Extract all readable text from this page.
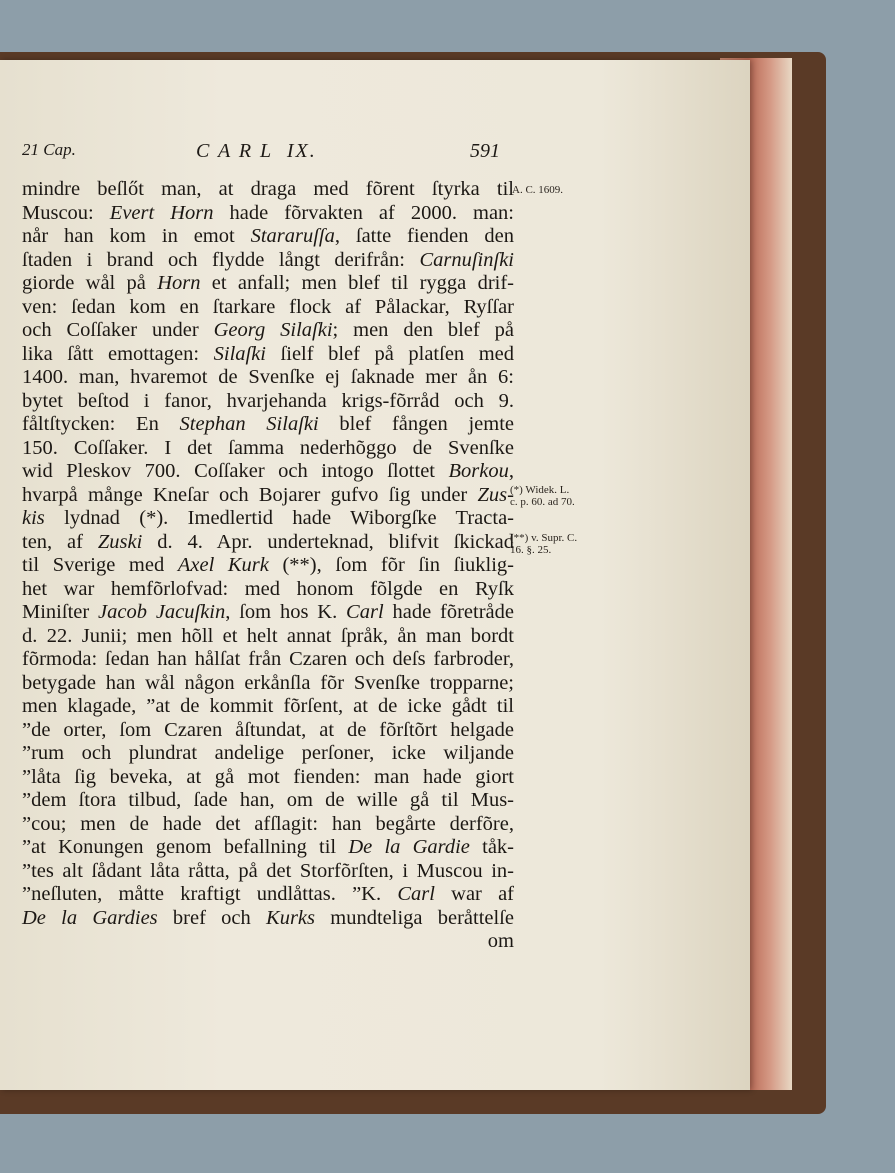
21 Cap.	C A R L  IX.	591
mindre beſlőt man, at draga med fõrent ſtyrka til
Muscou: Evert Horn hade fõrvakten af 2000. man:
når han kom in emot Stararuſſa, ſatte fienden den
ſtaden i brand och flydde långt derifrån: Carnuſinſki
giorde wål på Horn et anfall; men blef til rygga drif-
ven: ſedan kom en ſtarkare flock af Pålackar, Ryſſar
och Coſſaker under Georg Silaſki; men den blef på
lika ſått emottagen: Silaſki ſielf blef på platſen med
1400. man, hvaremot de Svenſke ej ſaknade mer ån 6:
bytet beſtod i fanor, hvarjehanda krigs-fõrråd och 9.
fåltſtycken: En Stephan Silaſki blef fången jemte
150. Coſſaker. I det ſamma nederhõggo de Svenſke
wid Pleskov 700. Coſſaker och intogo ſlottet Borkou,
hvarpå månge Kneſar och Bojarer gufvo ſig under Zus-
kis lydnad (*). Imedlertid hade Wiborgſke Tracta-
ten, af Zuski d. 4. Apr. underteknad, blifvit ſkickad
til Sverige med Axel Kurk (**), ſom fõr ſin ſiuklig-
het war hemfõrlofvad: med honom fõlgde en Ryſk
Miniſter Jacob Jacuſkin, ſom hos K. Carl hade fõretråde
d. 22. Junii; men hõll et helt annat ſpråk, ån man bordt
fõrmoda: ſedan han hålſat från Czaren och deſs farbroder,
betygade han wål någon erkånſla fõr Svenſke tropparne;
men klagade, ”at de kommit fõrſent, at de icke gådt til
”de orter, ſom Czaren åſtundat, at de fõrſtõrt helgade
”rum och plundrat andelige perſoner, icke wiljande
”låta ſig beveka, at gå mot fienden: man hade giort
”dem ſtora tilbud, ſade han, om de wille gå til Mus-
”cou; men de hade det afſlagit: han begårte derfõre,
”at Konungen genom befallning til De la Gardie tåk-
”tes alt ſådant låta råtta, på det Storfõrſten, i Muscou in-
”neſluten, måtte kraftigt undlåttas. ”K. Carl war af
De la Gardies bref och Kurks mundteliga beråttelſe
om
A. C. 1609.
(*) Widek. L.
c. p. 60. ad 70.
(**) v. Supr. C.
16. §. 25.
